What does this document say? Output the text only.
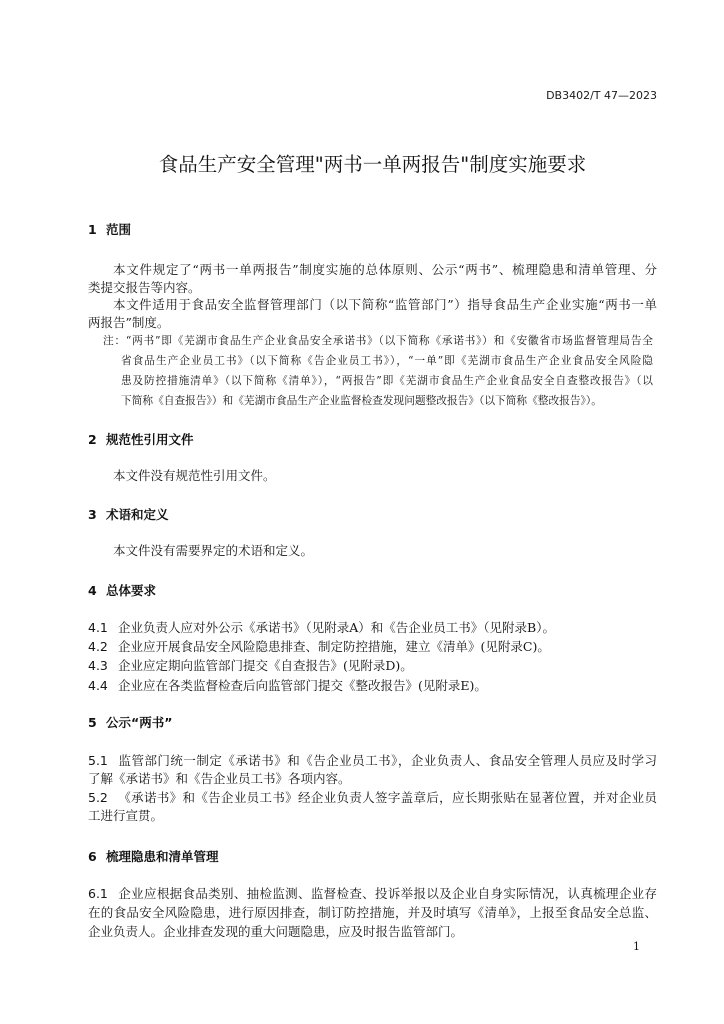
DB3402/T 47—2023
食品生产安全管理"两书一单两报告"制度实施要求
1 范围
本文件规定了“两书一单两报告”制度实施的总体原则、公示“两书”、梳理隐患和清单管理、分
类提交报告等内容。
本文件适用于食品安全监督管理部门（以下简称“监管部门”）指导食品生产企业实施“两书一单
两报告”制度。
注：“两书”即《芜湖市食品生产企业食品安全承诺书》（以下简称《承诺书》）和《安徽省市场监督管理局告全
省食品生产企业员工书》（以下简称《告企业员工书》），“一单”即《芜湖市食品生产企业食品安全风险隐
患及防控措施清单》（以下简称《清单》），“两报告”即《芜湖市食品生产企业食品安全自查整改报告》（以
下简称《自查报告》）和《芜湖市食品生产企业监督检查发现问题整改报告》（以下简称《整改报告》）。
2 规范性引用文件
本文件没有规范性引用文件。
3 术语和定义
本文件没有需要界定的术语和定义。
4 总体要求
4.1 企业负责人应对外公示《承诺书》（见附录A）和《告企业员工书》（见附录B）。
4.2 企业应开展食品安全风险隐患排查、制定防控措施，建立《清单》(见附录C)。
4.3 企业应定期向监管部门提交《自查报告》(见附录D)。
4.4 企业应在各类监督检查后向监管部门提交《整改报告》(见附录E)。
5 公示“两书”
5.1 监管部门统一制定《承诺书》和《告企业员工书》，企业负责人、食品安全管理人员应及时学习
了解《承诺书》和《告企业员工书》各项内容。
5.2 《承诺书》和《告企业员工书》经企业负责人签字盖章后，应长期张贴在显著位置，并对企业员
工进行宣贯。
6 梳理隐患和清单管理
6.1 企业应根据食品类别、抽检监测、监督检查、投诉举报以及企业自身实际情况，认真梳理企业存
在的食品安全风险隐患，进行原因排查，制订防控措施，并及时填写《清单》，上报至食品安全总监、
企业负责人。企业排查发现的重大问题隐患，应及时报告监管部门。
1
